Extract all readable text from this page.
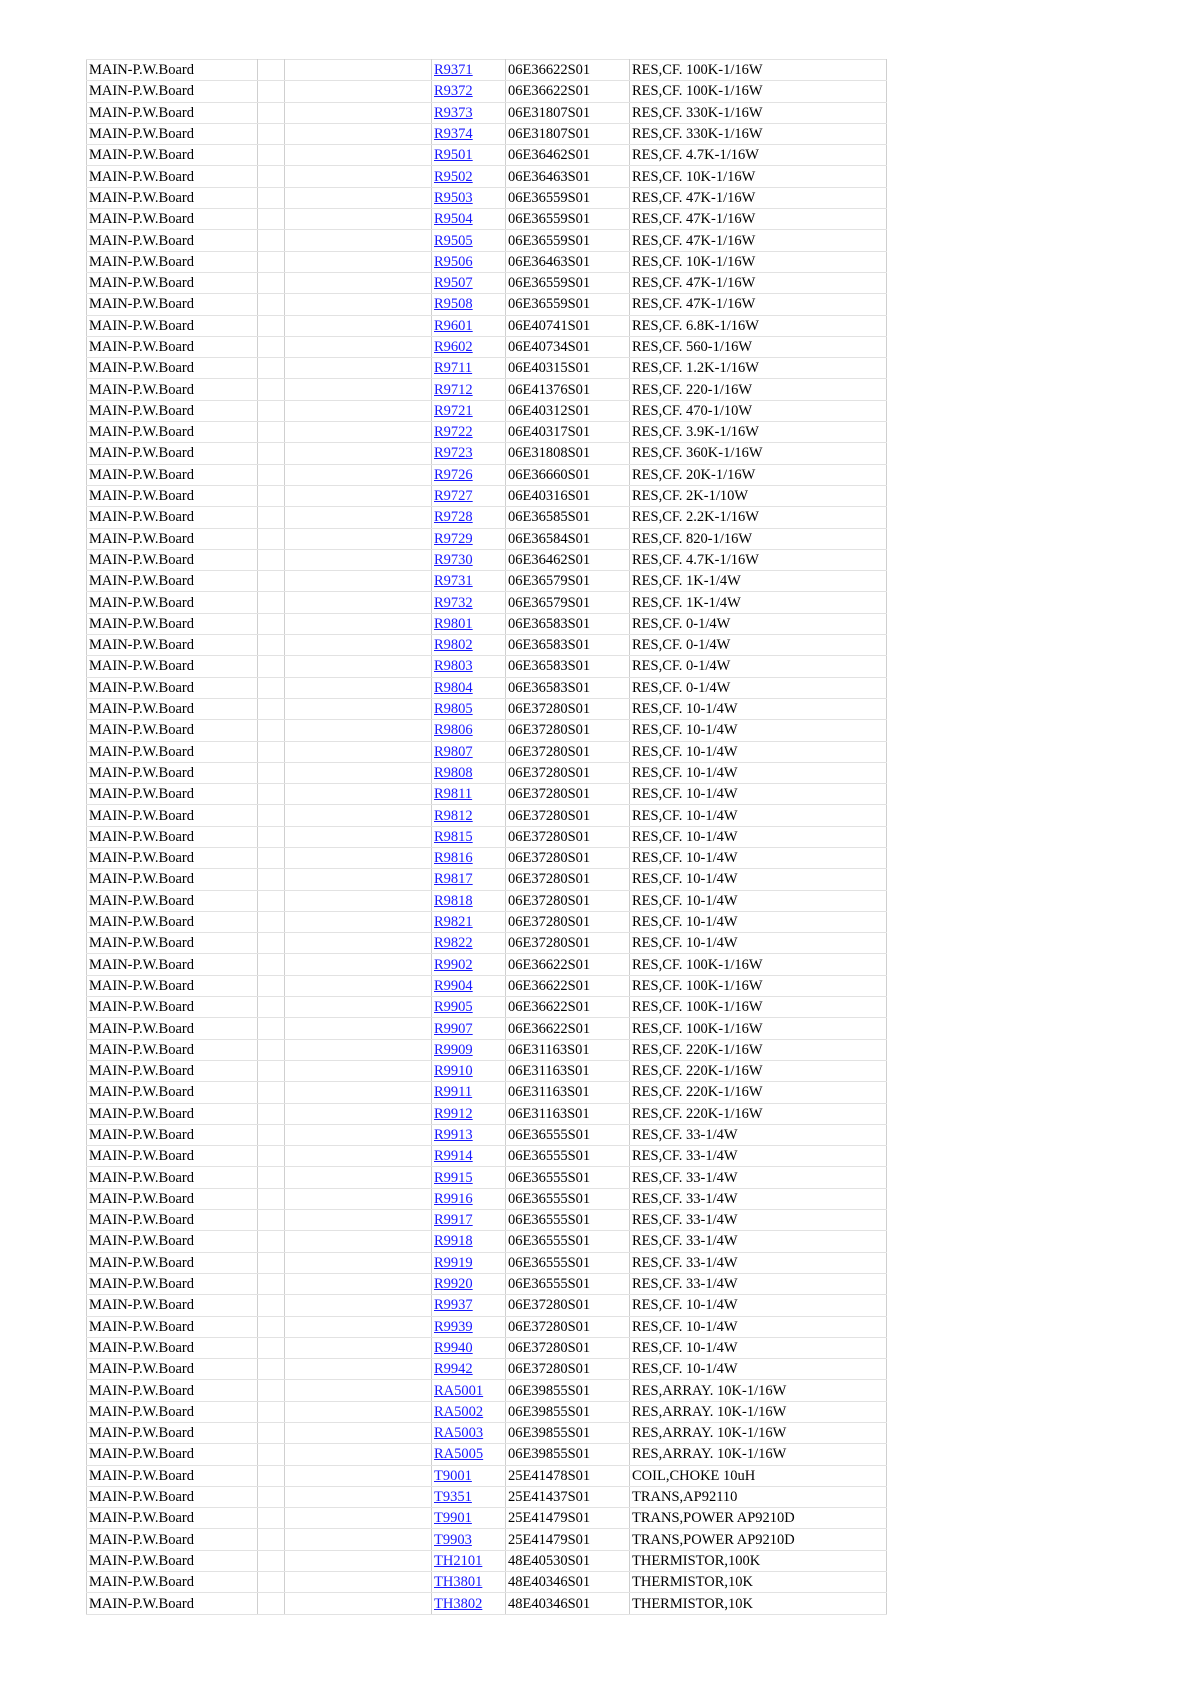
MAIN-P.W.Board			R9371	06E36622S01	RES,CF. 100K-1/16W
MAIN-P.W.Board			R9372	06E36622S01	RES,CF. 100K-1/16W
MAIN-P.W.Board			R9373	06E31807S01	RES,CF. 330K-1/16W
MAIN-P.W.Board			R9374	06E31807S01	RES,CF. 330K-1/16W
MAIN-P.W.Board			R9501	06E36462S01	RES,CF. 4.7K-1/16W
MAIN-P.W.Board			R9502	06E36463S01	RES,CF. 10K-1/16W
MAIN-P.W.Board			R9503	06E36559S01	RES,CF. 47K-1/16W
MAIN-P.W.Board			R9504	06E36559S01	RES,CF. 47K-1/16W
MAIN-P.W.Board			R9505	06E36559S01	RES,CF. 47K-1/16W
MAIN-P.W.Board			R9506	06E36463S01	RES,CF. 10K-1/16W
MAIN-P.W.Board			R9507	06E36559S01	RES,CF. 47K-1/16W
MAIN-P.W.Board			R9508	06E36559S01	RES,CF. 47K-1/16W
MAIN-P.W.Board			R9601	06E40741S01	RES,CF. 6.8K-1/16W
MAIN-P.W.Board			R9602	06E40734S01	RES,CF. 560-1/16W
MAIN-P.W.Board			R9711	06E40315S01	RES,CF. 1.2K-1/16W
MAIN-P.W.Board			R9712	06E41376S01	RES,CF. 220-1/16W
MAIN-P.W.Board			R9721	06E40312S01	RES,CF. 470-1/10W
MAIN-P.W.Board			R9722	06E40317S01	RES,CF. 3.9K-1/16W
MAIN-P.W.Board			R9723	06E31808S01	RES,CF. 360K-1/16W
MAIN-P.W.Board			R9726	06E36660S01	RES,CF. 20K-1/16W
MAIN-P.W.Board			R9727	06E40316S01	RES,CF. 2K-1/10W
MAIN-P.W.Board			R9728	06E36585S01	RES,CF. 2.2K-1/16W
MAIN-P.W.Board			R9729	06E36584S01	RES,CF. 820-1/16W
MAIN-P.W.Board			R9730	06E36462S01	RES,CF. 4.7K-1/16W
MAIN-P.W.Board			R9731	06E36579S01	RES,CF. 1K-1/4W
MAIN-P.W.Board			R9732	06E36579S01	RES,CF. 1K-1/4W
MAIN-P.W.Board			R9801	06E36583S01	RES,CF. 0-1/4W
MAIN-P.W.Board			R9802	06E36583S01	RES,CF. 0-1/4W
MAIN-P.W.Board			R9803	06E36583S01	RES,CF. 0-1/4W
MAIN-P.W.Board			R9804	06E36583S01	RES,CF. 0-1/4W
MAIN-P.W.Board			R9805	06E37280S01	RES,CF. 10-1/4W
MAIN-P.W.Board			R9806	06E37280S01	RES,CF. 10-1/4W
MAIN-P.W.Board			R9807	06E37280S01	RES,CF. 10-1/4W
MAIN-P.W.Board			R9808	06E37280S01	RES,CF. 10-1/4W
MAIN-P.W.Board			R9811	06E37280S01	RES,CF. 10-1/4W
MAIN-P.W.Board			R9812	06E37280S01	RES,CF. 10-1/4W
MAIN-P.W.Board			R9815	06E37280S01	RES,CF. 10-1/4W
MAIN-P.W.Board			R9816	06E37280S01	RES,CF. 10-1/4W
MAIN-P.W.Board			R9817	06E37280S01	RES,CF. 10-1/4W
MAIN-P.W.Board			R9818	06E37280S01	RES,CF. 10-1/4W
MAIN-P.W.Board			R9821	06E37280S01	RES,CF. 10-1/4W
MAIN-P.W.Board			R9822	06E37280S01	RES,CF. 10-1/4W
MAIN-P.W.Board			R9902	06E36622S01	RES,CF. 100K-1/16W
MAIN-P.W.Board			R9904	06E36622S01	RES,CF. 100K-1/16W
MAIN-P.W.Board			R9905	06E36622S01	RES,CF. 100K-1/16W
MAIN-P.W.Board			R9907	06E36622S01	RES,CF. 100K-1/16W
MAIN-P.W.Board			R9909	06E31163S01	RES,CF. 220K-1/16W
MAIN-P.W.Board			R9910	06E31163S01	RES,CF. 220K-1/16W
MAIN-P.W.Board			R9911	06E31163S01	RES,CF. 220K-1/16W
MAIN-P.W.Board			R9912	06E31163S01	RES,CF. 220K-1/16W
MAIN-P.W.Board			R9913	06E36555S01	RES,CF. 33-1/4W
MAIN-P.W.Board			R9914	06E36555S01	RES,CF. 33-1/4W
MAIN-P.W.Board			R9915	06E36555S01	RES,CF. 33-1/4W
MAIN-P.W.Board			R9916	06E36555S01	RES,CF. 33-1/4W
MAIN-P.W.Board			R9917	06E36555S01	RES,CF. 33-1/4W
MAIN-P.W.Board			R9918	06E36555S01	RES,CF. 33-1/4W
MAIN-P.W.Board			R9919	06E36555S01	RES,CF. 33-1/4W
MAIN-P.W.Board			R9920	06E36555S01	RES,CF. 33-1/4W
MAIN-P.W.Board			R9937	06E37280S01	RES,CF. 10-1/4W
MAIN-P.W.Board			R9939	06E37280S01	RES,CF. 10-1/4W
MAIN-P.W.Board			R9940	06E37280S01	RES,CF. 10-1/4W
MAIN-P.W.Board			R9942	06E37280S01	RES,CF. 10-1/4W
MAIN-P.W.Board			RA5001	06E39855S01	RES,ARRAY. 10K-1/16W
MAIN-P.W.Board			RA5002	06E39855S01	RES,ARRAY. 10K-1/16W
MAIN-P.W.Board			RA5003	06E39855S01	RES,ARRAY. 10K-1/16W
MAIN-P.W.Board			RA5005	06E39855S01	RES,ARRAY. 10K-1/16W
MAIN-P.W.Board			T9001	25E41478S01	COIL,CHOKE 10uH
MAIN-P.W.Board			T9351	25E41437S01	TRANS,AP92110
MAIN-P.W.Board			T9901	25E41479S01	TRANS,POWER AP9210D
MAIN-P.W.Board			T9903	25E41479S01	TRANS,POWER AP9210D
MAIN-P.W.Board			TH2101	48E40530S01	THERMISTOR,100K
MAIN-P.W.Board			TH3801	48E40346S01	THERMISTOR,10K
MAIN-P.W.Board			TH3802	48E40346S01	THERMISTOR,10K
